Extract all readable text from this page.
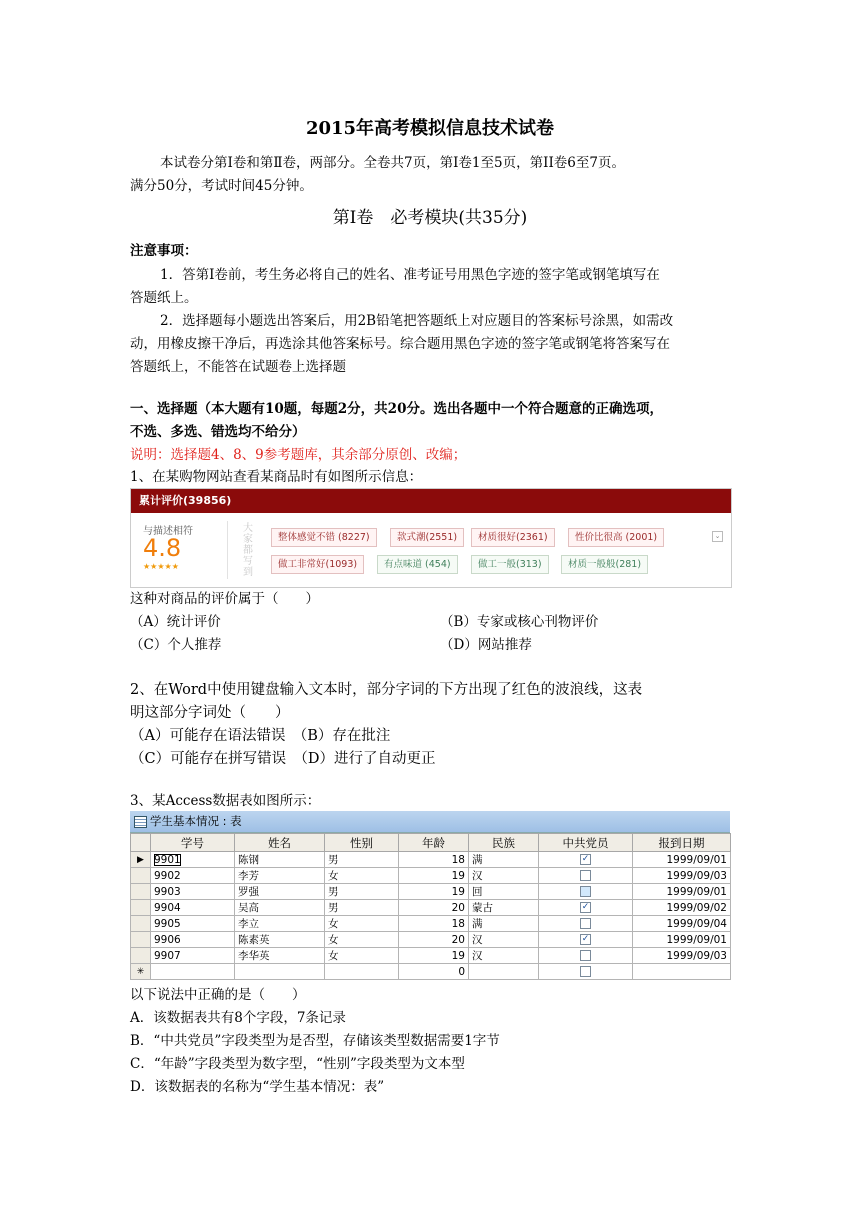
2015年高考模拟信息技术试卷
本试卷分第Ⅰ卷和第Ⅱ卷，两部分。全卷共7页，第Ⅰ卷1至5页，第II卷6至7页。
满分50分，考试时间45分钟。
第Ⅰ卷　必考模块(共35分)
注意事项：
1．答第Ⅰ卷前，考生务必将自己的姓名、准考证号用黑色字迹的签字笔或钢笔填写在
答题纸上。
2．选择题每小题选出答案后，用2B铅笔把答题纸上对应题目的答案标号涂黑，如需改
动，用橡皮擦干净后，再选涂其他答案标号。综合题用黑色字迹的签字笔或钢笔将答案写在
答题纸上，不能答在试题卷上选择题
一、选择题（本大题有10题，每题2分，共20分。选出各题中一个符合题意的正确选项，
不选、多选、错选均不给分）
说明：选择题4、8、9参考题库，其余部分原创、改编；
1、在某购物网站查看某商品时有如图所示信息：
累计评价(39856)
与描述相符
4.8
★★★★★
大家都写到
整体感觉不错 (8227)	款式潮(2551)	材质很好(2361)	性价比很高 (2001)
做工非常好(1093)	有点味道 (454)	做工一般(313)	材质一般般(281)
⌄
这种对商品的评价属于（　　）
（A）统计评价	（B）专家或核心刊物评价
（C）个人推荐	（D）网站推荐
2、在Word中使用键盘输入文本时，部分字词的下方出现了红色的波浪线，这表
明这部分字词处（　　）
（A）可能存在语法错误　（B）存在批注
（C）可能存在拼写错误　（D）进行了自动更正
3、某Access数据表如图所示：
学生基本情况 : 表
	学号	姓名	性别	年龄	民族	中共党员	报到日期
▶	9901	陈钢	男	18	满	✓	1999/09/01
	9902	李芳	女	19	汉		1999/09/03
	9903	罗强	男	19	回		1999/09/01
	9904	吴高	男	20	蒙古	✓	1999/09/02
	9905	李立	女	18	满		1999/09/04
	9906	陈素英	女	20	汉	✓	1999/09/01
	9907	李华英	女	19	汉		1999/09/03
✳				0			
以下说法中正确的是（　　）
A．该数据表共有8个字段，7条记录
B．“中共党员”字段类型为是否型，存储该类型数据需要1字节
C．“年龄”字段类型为数字型，“性别”字段类型为文本型
D．该数据表的名称为“学生基本情况：表”
